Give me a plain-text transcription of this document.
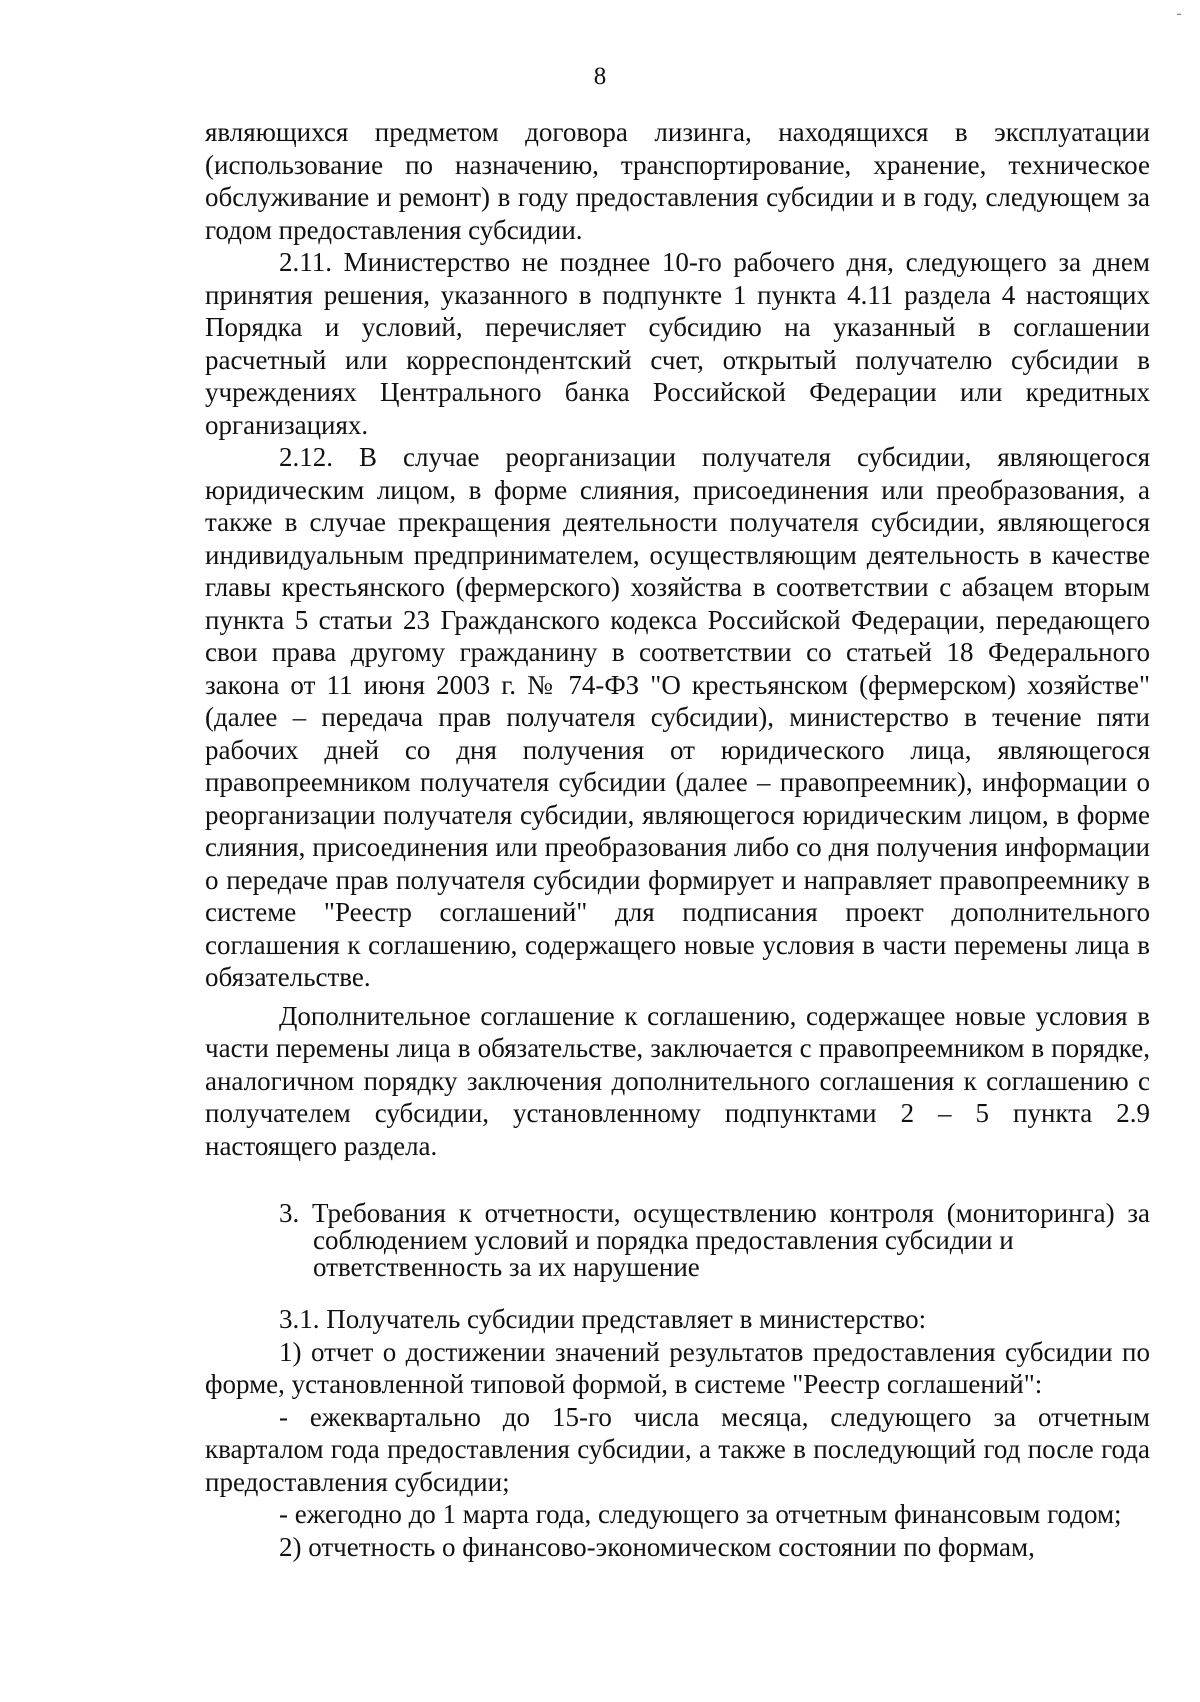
-
8

являющихся предметом договора лизинга, находящихся в эксплуатации (использование по назначению, транспортирование, хранение, техническое обслуживание и ремонт) в году предоставления субсидии и в году, следующем за годом предоставления субсидии.

2.11. Министерство не позднее 10-го рабочего дня, следующего за днем принятия решения, указанного в подпункте 1 пункта 4.11 раздела 4 настоящих Порядка и условий, перечисляет субсидию на указанный в соглашении расчетный или корреспондентский счет, открытый получателю субсидии в учреждениях Центрального банка Российской Федерации или кредитных организациях.

2.12. В случае реорганизации получателя субсидии, являющегося юридическим лицом, в форме слияния, присоединения или преобразования, а также в случае прекращения деятельности получателя субсидии, являющегося индивидуальным предпринимателем, осуществляющим деятельность в качестве главы крестьянского (фермерского) хозяйства в соответствии с абзацем вторым пункта 5 статьи 23 Гражданского кодекса Российской Федерации, передающего свои права другому гражданину в соответствии со статьей 18 Федерального закона от 11 июня 2003 г. № 74-ФЗ "О крестьянском (фермерском) хозяйстве" (далее – передача прав получателя субсидии), министерство в течение пяти рабочих дней со дня получения от юридического лица, являющегося правопреемником получателя субсидии (далее – правопреемник), информации о реорганизации получателя субсидии, являющегося юридическим лицом, в форме слияния, присоединения или преобразования либо со дня получения информации о передаче прав получателя субсидии формирует и направляет правопреемнику в системе "Реестр соглашений" для подписания проект дополнительного соглашения к соглашению, содержащего новые условия в части перемены лица в обязательстве.

Дополнительное соглашение к соглашению, содержащее новые условия в части перемены лица в обязательстве, заключается с правопреемником в порядке, аналогичном порядку заключения дополнительного соглашения к соглашению с получателем субсидии, установленному подпунктами 2 – 5 пункта 2.9 настоящего раздела.

3. Требования к отчетности, осуществлению контроля (мониторинга) за
соблюдением условий и порядка предоставления субсидии и
ответственность за их нарушение

3.1. Получатель субсидии представляет в министерство:

1) отчет о достижении значений результатов предоставления субсидии по форме, установленной типовой формой, в системе "Реестр соглашений":

- ежеквартально до 15-го числа месяца, следующего за отчетным кварталом года предоставления субсидии, а также в последующий год после года предоставления субсидии;

- ежегодно до 1 марта года, следующего за отчетным финансовым годом;

2) отчетность о финансово-экономическом состоянии по формам,
